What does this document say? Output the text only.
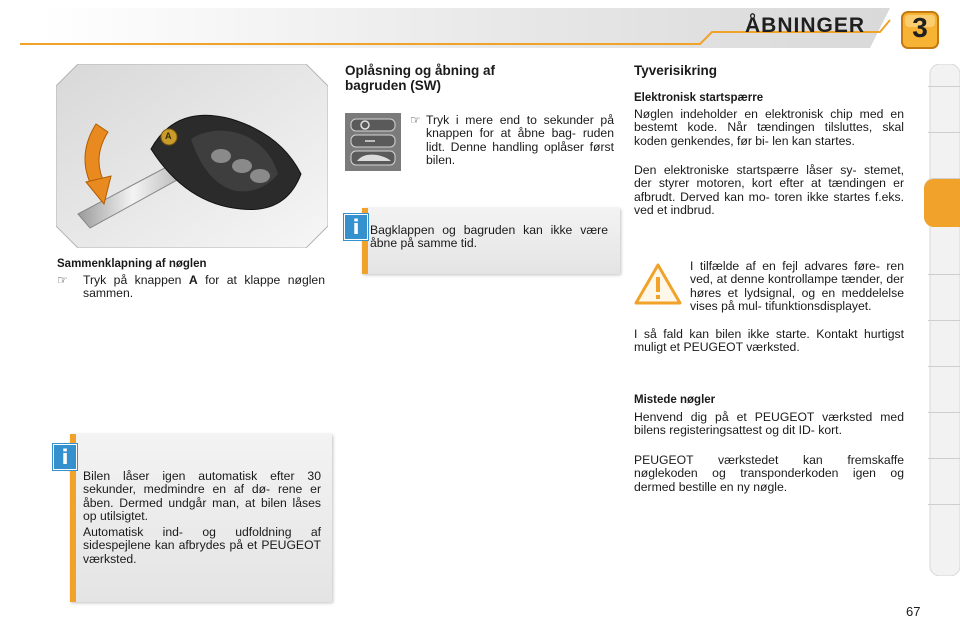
ÅBNINGER	3
A
Sammenklapning af nøglen
☞	Tryk på knappen A for at klappe nøglen sammen.
i
Bilen låser igen automatisk efter 30 sekunder, medmindre en af dø- rene er åben. Dermed undgår man, at bilen låses op utilsigtet.
Automatisk ind- og udfoldning af sidespejlene kan afbrydes på et PEUGEOT værksted.
Oplåsning og åbning af
bagruden (SW)
☞ Tryk i mere end to sekunder på knappen for at åbne bag- ruden lidt. Denne handling oplåser først bilen.
i Bagklappen og bagruden kan ikke være åbne på samme tid.
Tyverisikring
Elektronisk startspærre
Nøglen indeholder en elektronisk chip med en bestemt kode. Når tændingen tilsluttes, skal koden genkendes, før bi- len kan startes.
Den elektroniske startspærre låser sy- stemet, der styrer motoren, kort efter at tændingen er afbrudt. Derved kan mo- toren ikke startes f.eks. ved et indbrud.
I tilfælde af en fejl advares føre- ren ved, at denne kontrollampe tænder, der høres et lydsignal, og en meddelelse vises på mul- tifunktionsdisplayet.
I så fald kan bilen ikke starte. Kontakt hurtigst muligt et PEUGEOT værksted.
Mistede nøgler
Henvend dig på et PEUGEOT værksted med bilens registeringsattest og dit ID- kort.
PEUGEOT værkstedet kan fremskaffe nøglekoden og transponderkoden igen og dermed bestille en ny nøgle.
67
